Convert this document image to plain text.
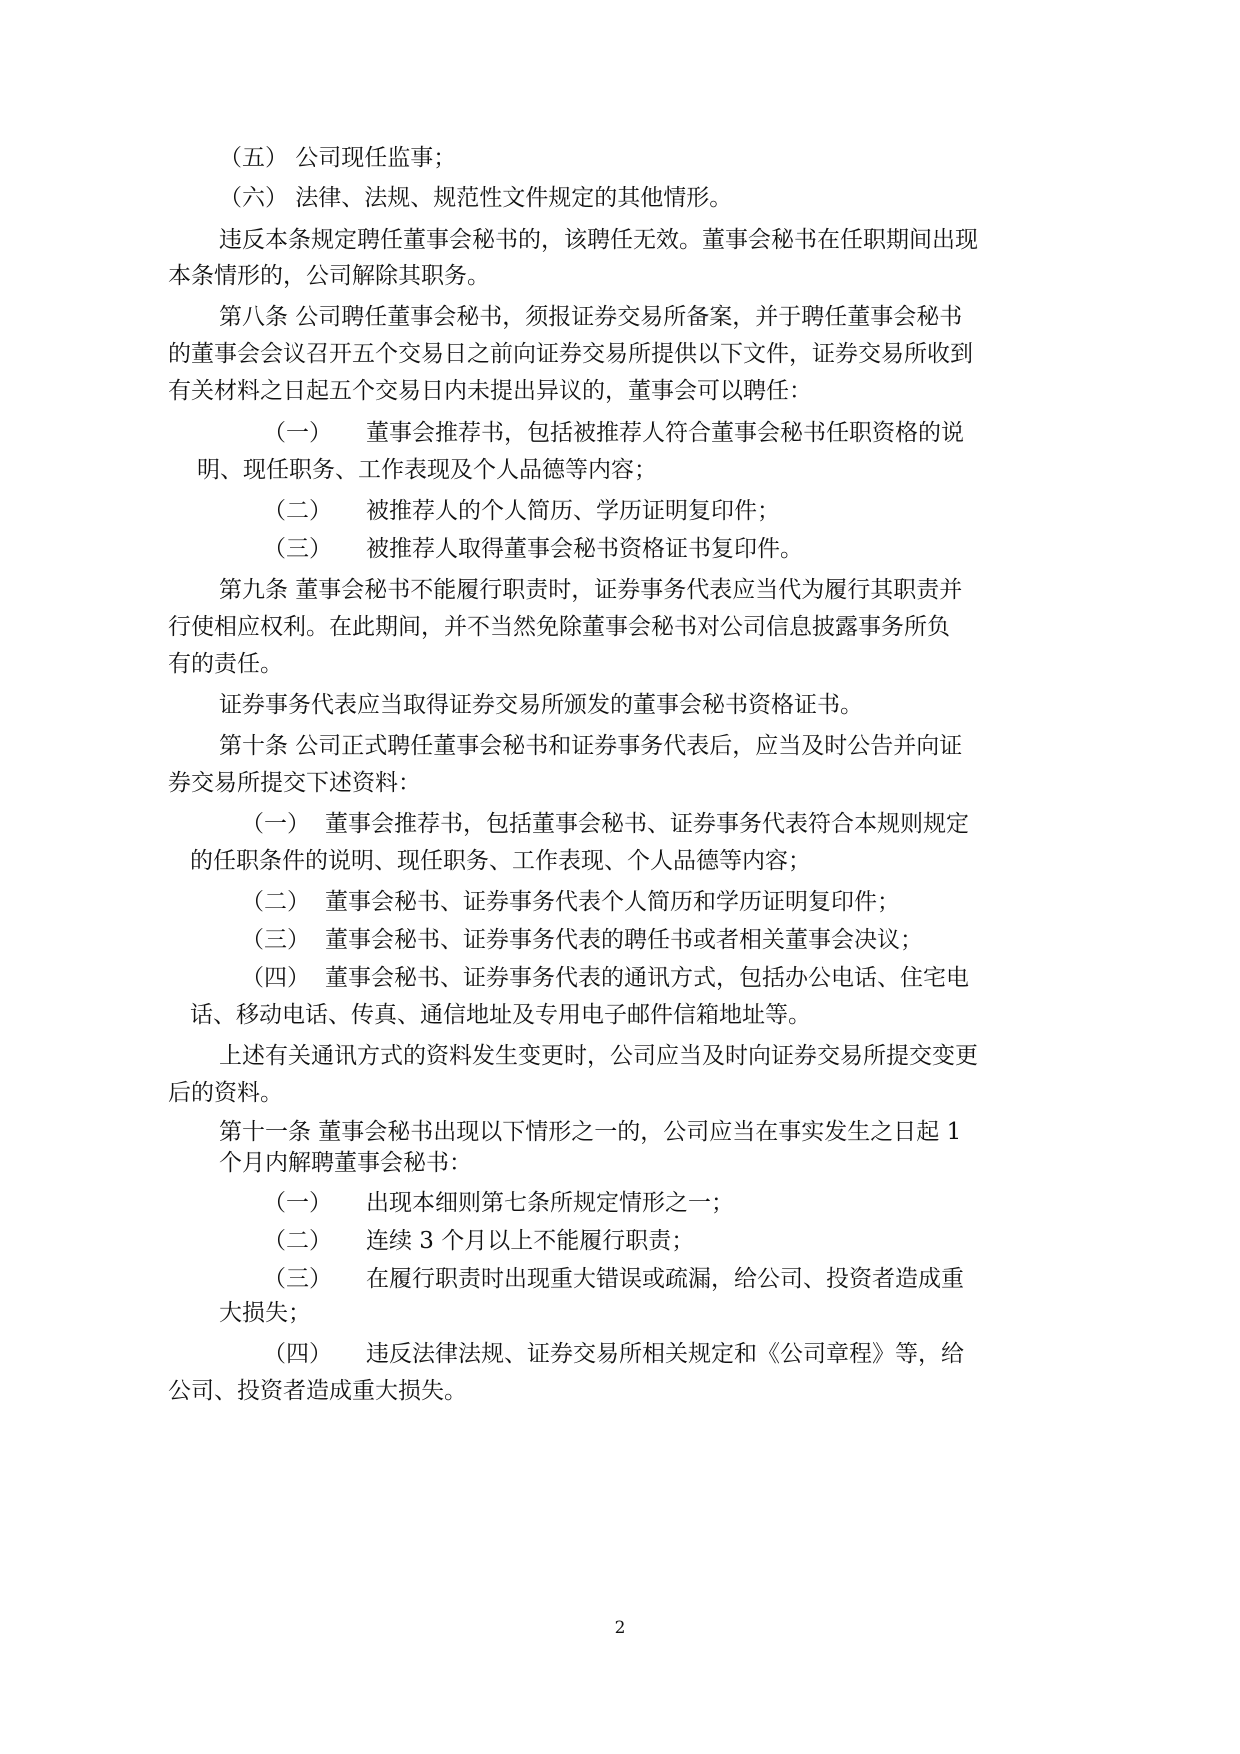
（五） 公司现任监事；
（六） 法律、法规、规范性文件规定的其他情形。
违反本条规定聘任董事会秘书的，该聘任无效。董事会秘书在任职期间出现
本条情形的，公司解除其职务。
第八条 公司聘任董事会秘书，须报证券交易所备案，并于聘任董事会秘书
的董事会会议召开五个交易日之前向证券交易所提供以下文件，证券交易所收到
有关材料之日起五个交易日内未提出异议的，董事会可以聘任：
（一） 董事会推荐书，包括被推荐人符合董事会秘书任职资格的说
明、现任职务、工作表现及个人品德等内容；
（二） 被推荐人的个人简历、学历证明复印件；
（三） 被推荐人取得董事会秘书资格证书复印件。
第九条 董事会秘书不能履行职责时，证券事务代表应当代为履行其职责并
行使相应权利。在此期间，并不当然免除董事会秘书对公司信息披露事务所负
有的责任。
证券事务代表应当取得证券交易所颁发的董事会秘书资格证书。
第十条 公司正式聘任董事会秘书和证券事务代表后，应当及时公告并向证
券交易所提交下述资料：
（一） 董事会推荐书，包括董事会秘书、证券事务代表符合本规则规定
的任职条件的说明、现任职务、工作表现、个人品德等内容；
（二） 董事会秘书、证券事务代表个人简历和学历证明复印件；
（三） 董事会秘书、证券事务代表的聘任书或者相关董事会决议；
（四） 董事会秘书、证券事务代表的通讯方式，包括办公电话、住宅电
话、移动电话、传真、通信地址及专用电子邮件信箱地址等。
上述有关通讯方式的资料发生变更时，公司应当及时向证券交易所提交变更
后的资料。
第十一条 董事会秘书出现以下情形之一的，公司应当在事实发生之日起 1
个月内解聘董事会秘书：
（一） 出现本细则第七条所规定情形之一；
（二） 连续 3 个月以上不能履行职责；
（三） 在履行职责时出现重大错误或疏漏，给公司、投资者造成重
大损失；
（四） 违反法律法规、证券交易所相关规定和《公司章程》等，给
公司、投资者造成重大损失。
2
